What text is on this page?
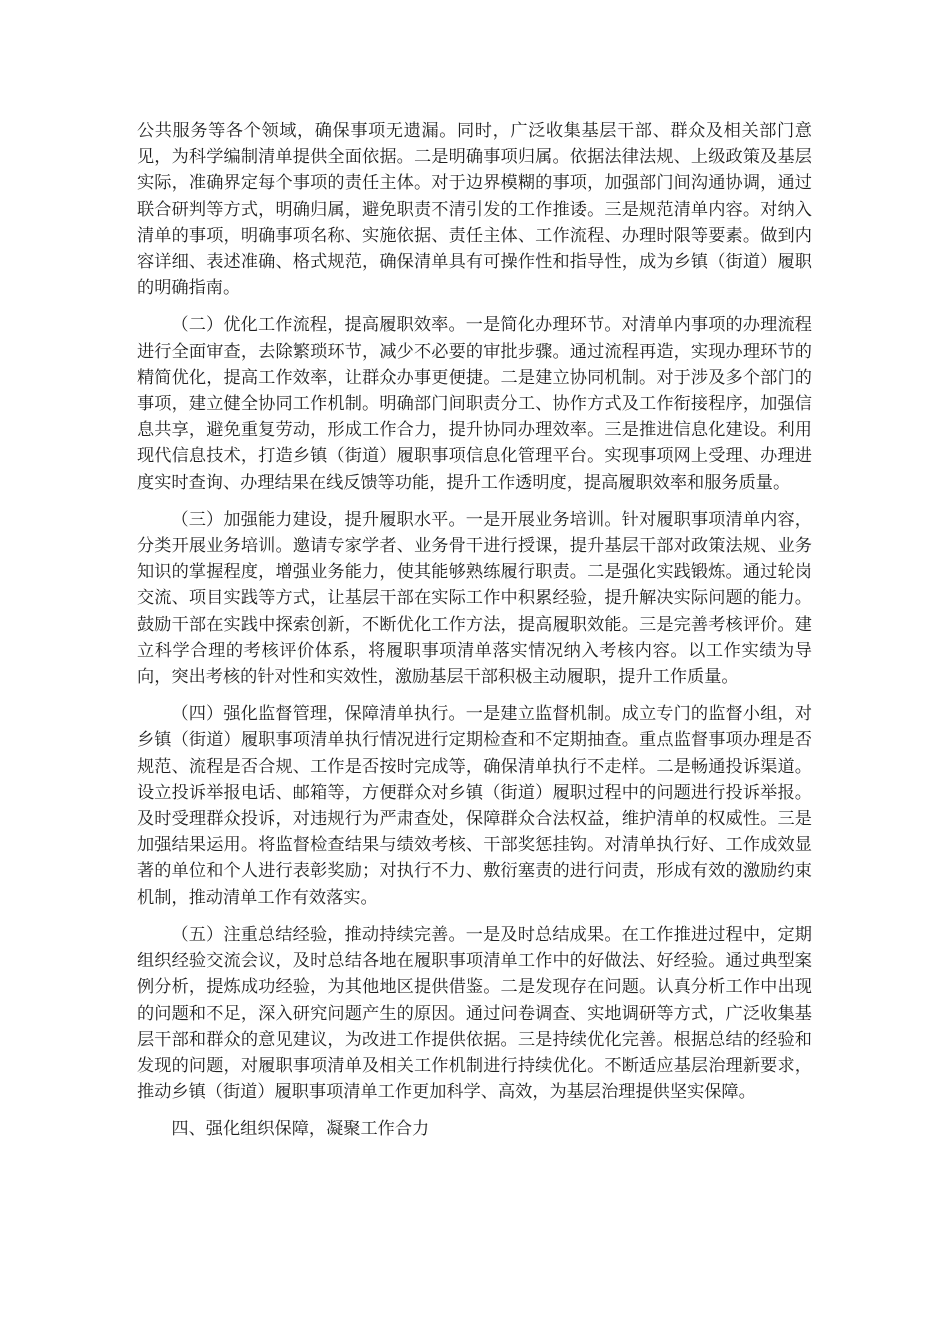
公共服务等各个领域，确保事项无遗漏。同时，广泛收集基层干部、群众及相关部门意见，为科学编制清单提供全面依据。二是明确事项归属。依据法律法规、上级政策及基层实际，准确界定每个事项的责任主体。对于边界模糊的事项，加强部门间沟通协调，通过联合研判等方式，明确归属，避免职责不清引发的工作推诿。三是规范清单内容。对纳入清单的事项，明确事项名称、实施依据、责任主体、工作流程、办理时限等要素。做到内容详细、表述准确、格式规范，确保清单具有可操作性和指导性，成为乡镇（街道）履职的明确指南。

（二）优化工作流程，提高履职效率。一是简化办理环节。对清单内事项的办理流程进行全面审查，去除繁琐环节，减少不必要的审批步骤。通过流程再造，实现办理环节的精简优化，提高工作效率，让群众办事更便捷。二是建立协同机制。对于涉及多个部门的事项，建立健全协同工作机制。明确部门间职责分工、协作方式及工作衔接程序，加强信息共享，避免重复劳动，形成工作合力，提升协同办理效率。三是推进信息化建设。利用现代信息技术，打造乡镇（街道）履职事项信息化管理平台。实现事项网上受理、办理进度实时查询、办理结果在线反馈等功能，提升工作透明度，提高履职效率和服务质量。

（三）加强能力建设，提升履职水平。一是开展业务培训。针对履职事项清单内容，分类开展业务培训。邀请专家学者、业务骨干进行授课，提升基层干部对政策法规、业务知识的掌握程度，增强业务能力，使其能够熟练履行职责。二是强化实践锻炼。通过轮岗交流、项目实践等方式，让基层干部在实际工作中积累经验，提升解决实际问题的能力。鼓励干部在实践中探索创新，不断优化工作方法，提高履职效能。三是完善考核评价。建立科学合理的考核评价体系，将履职事项清单落实情况纳入考核内容。以工作实绩为导向，突出考核的针对性和实效性，激励基层干部积极主动履职，提升工作质量。

（四）强化监督管理，保障清单执行。一是建立监督机制。成立专门的监督小组，对乡镇（街道）履职事项清单执行情况进行定期检查和不定期抽查。重点监督事项办理是否规范、流程是否合规、工作是否按时完成等，确保清单执行不走样。二是畅通投诉渠道。设立投诉举报电话、邮箱等，方便群众对乡镇（街道）履职过程中的问题进行投诉举报。及时受理群众投诉，对违规行为严肃查处，保障群众合法权益，维护清单的权威性。三是加强结果运用。将监督检查结果与绩效考核、干部奖惩挂钩。对清单执行好、工作成效显著的单位和个人进行表彰奖励；对执行不力、敷衍塞责的进行问责，形成有效的激励约束机制，推动清单工作有效落实。

（五）注重总结经验，推动持续完善。一是及时总结成果。在工作推进过程中，定期组织经验交流会议，及时总结各地在履职事项清单工作中的好做法、好经验。通过典型案例分析，提炼成功经验，为其他地区提供借鉴。二是发现存在问题。认真分析工作中出现的问题和不足，深入研究问题产生的原因。通过问卷调查、实地调研等方式，广泛收集基层干部和群众的意见建议，为改进工作提供依据。三是持续优化完善。根据总结的经验和发现的问题，对履职事项清单及相关工作机制进行持续优化。不断适应基层治理新要求，推动乡镇（街道）履职事项清单工作更加科学、高效，为基层治理提供坚实保障。

四、强化组织保障，凝聚工作合力
